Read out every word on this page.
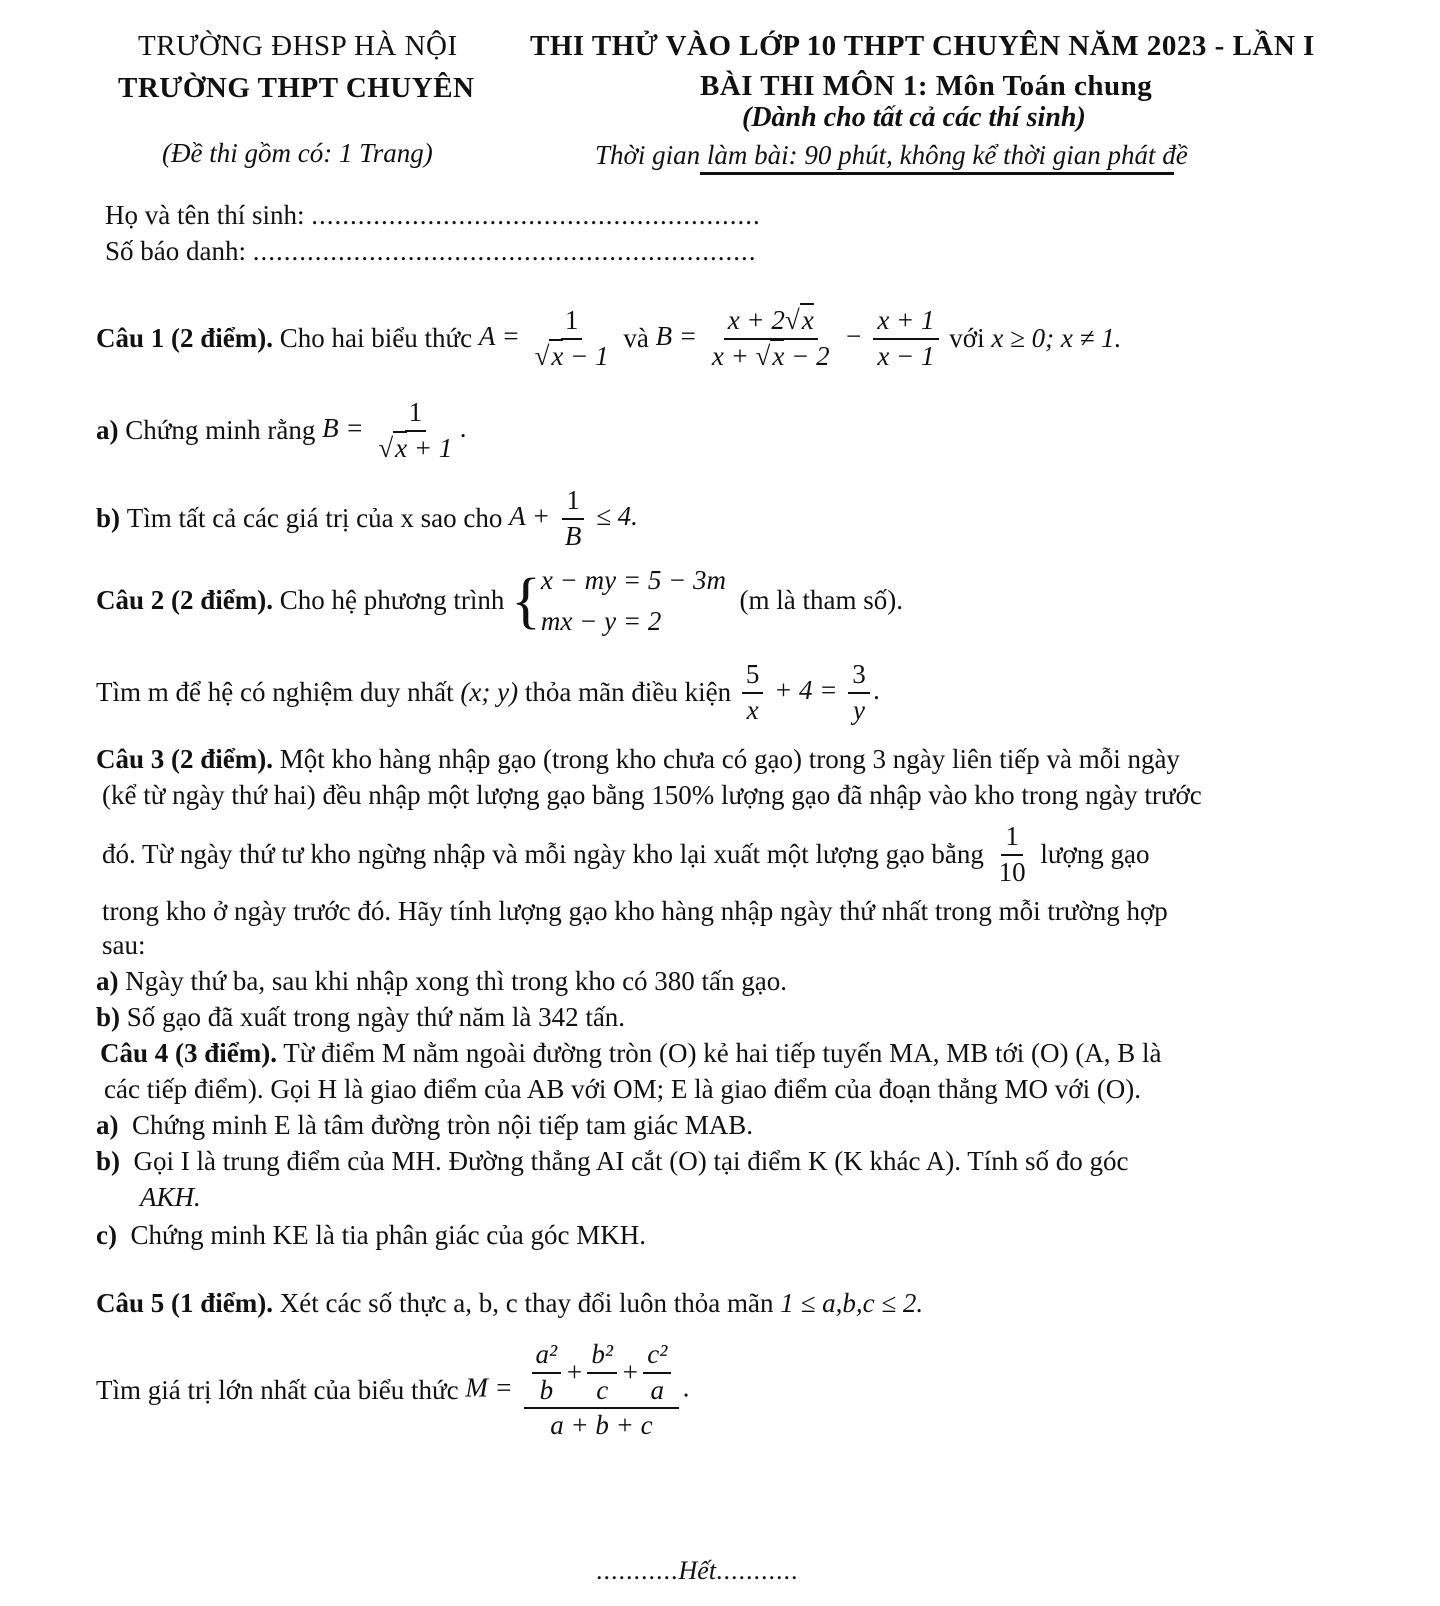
TRƯỜNG ĐHSP HÀ NỘI
TRƯỜNG THPT CHUYÊN
(Đề thi gồm có: 1 Trang)
THI THỬ VÀO LỚP 10 THPT CHUYÊN NĂM 2023 - LẦN I
BÀI THI MÔN 1: Môn Toán chung
(Dành cho tất cả các thí sinh)
Thời gian làm bài: 90 phút, không kể thời gian phát đề
Họ và tên thí sinh: ..........................................................
Số báo danh: .................................................................
Câu 1 (2 điểm).
Cho hai biểu thức
$A = \frac{1}{√x - 1}$
và
$B = \frac{x + 2√x}{x + √x - 2} - \frac{x + 1}{x - 1}$
với
x ≥ 0; x ≠ 1.
a)
Chứng minh rằng
$B = \frac{1}{√x + 1}$ .
b)
Tìm tất cả các giá trị của x sao cho
$A + \frac{1}{B} \le 4$.
Câu 2 (2 điểm).
Cho hệ phương trình
{ x − my = 5 − 3m
mx − y = 2

(m là tham số).
Tìm m để hệ có nghiệm duy nhất
(x; y)
thỏa mãn điều kiện
$\frac{5}{x} + 4 = \frac{3}{y}$ .
Câu 3 (2 điểm). Một kho hàng nhập gạo (trong kho chưa có gạo) trong 3 ngày liên tiếp và mỗi ngày
(kể từ ngày thứ hai) đều nhập một lượng gạo bằng 150% lượng gạo đã nhập vào kho trong ngày trước
đó. Từ ngày thứ tư kho ngừng nhập và mỗi ngày kho lại xuất một lượng gạo bằng
$\frac{1}{10}$
lượng gạo
trong kho ở ngày trước đó. Hãy tính lượng gạo kho hàng nhập ngày thứ nhất trong mỗi trường hợp
sau:
a) Ngày thứ ba, sau khi nhập xong thì trong kho có 380 tấn gạo.
b) Số gạo đã xuất trong ngày thứ năm là 342 tấn.
Câu 4 (3 điểm). Từ điểm M nằm ngoài đường tròn (O) kẻ hai tiếp tuyến MA, MB tới (O) (A, B là
các tiếp điểm). Gọi H là giao điểm của AB với OM; E là giao điểm của đoạn thẳng MO với (O).
a) Chứng minh E là tâm đường tròn nội tiếp tam giác MAB.
b) Gọi I là trung điểm của MH. Đường thẳng AI cắt (O) tại điểm K (K khác A). Tính số đo góc
AKH.
c) Chứng minh KE là tia phân giác của góc MKH.
Câu 5 (1 điểm). Xét các số thực a, b, c thay đổi luôn thỏa mãn 1 ≤ a,b,c ≤ 2.
Tìm giá trị lớn nhất của biểu thức
$M = \frac{\frac{\text{a²}}{b} + \frac{\text{b²}}{c} + \frac{\text{c²}}{a}}{a + b + c}$ .
...........Hết...........
